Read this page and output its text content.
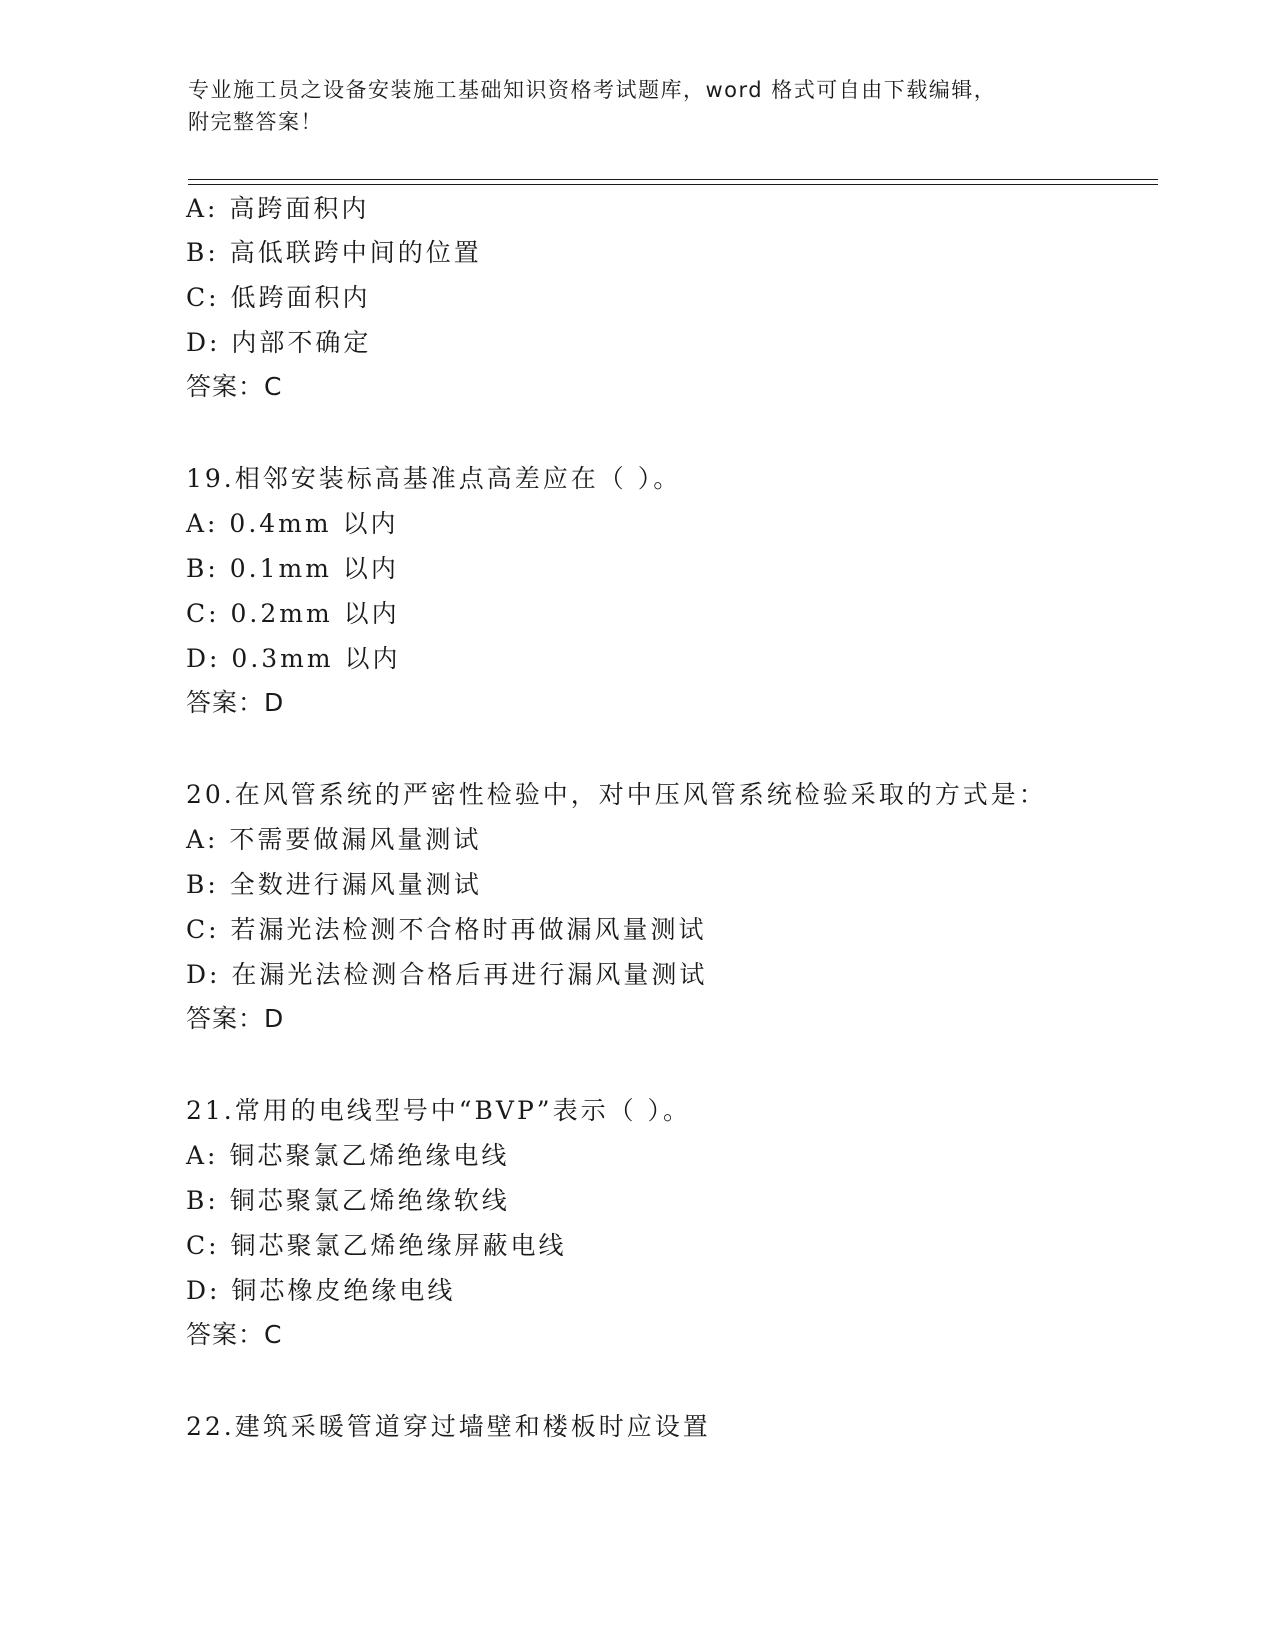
专业施工员之设备安装施工基础知识资格考试题库，word 格式可自由下载编辑，
附完整答案！
A: 高跨面积内
B: 高低联跨中间的位置
C: 低跨面积内
D: 内部不确定
答案：C
19.相邻安装标高基准点高差应在（ ）。
A: 0.4mm 以内
B: 0.1mm 以内
C: 0.2mm 以内
D: 0.3mm 以内
答案：D
20.在风管系统的严密性检验中，对中压风管系统检验采取的方式是：
A: 不需要做漏风量测试
B: 全数进行漏风量测试
C: 若漏光法检测不合格时再做漏风量测试
D: 在漏光法检测合格后再进行漏风量测试
答案：D
21.常用的电线型号中“BVP”表示（ ）。
A: 铜芯聚氯乙烯绝缘电线
B: 铜芯聚氯乙烯绝缘软线
C: 铜芯聚氯乙烯绝缘屏蔽电线
D: 铜芯橡皮绝缘电线
答案：C
22.建筑采暖管道穿过墙壁和楼板时应设置
